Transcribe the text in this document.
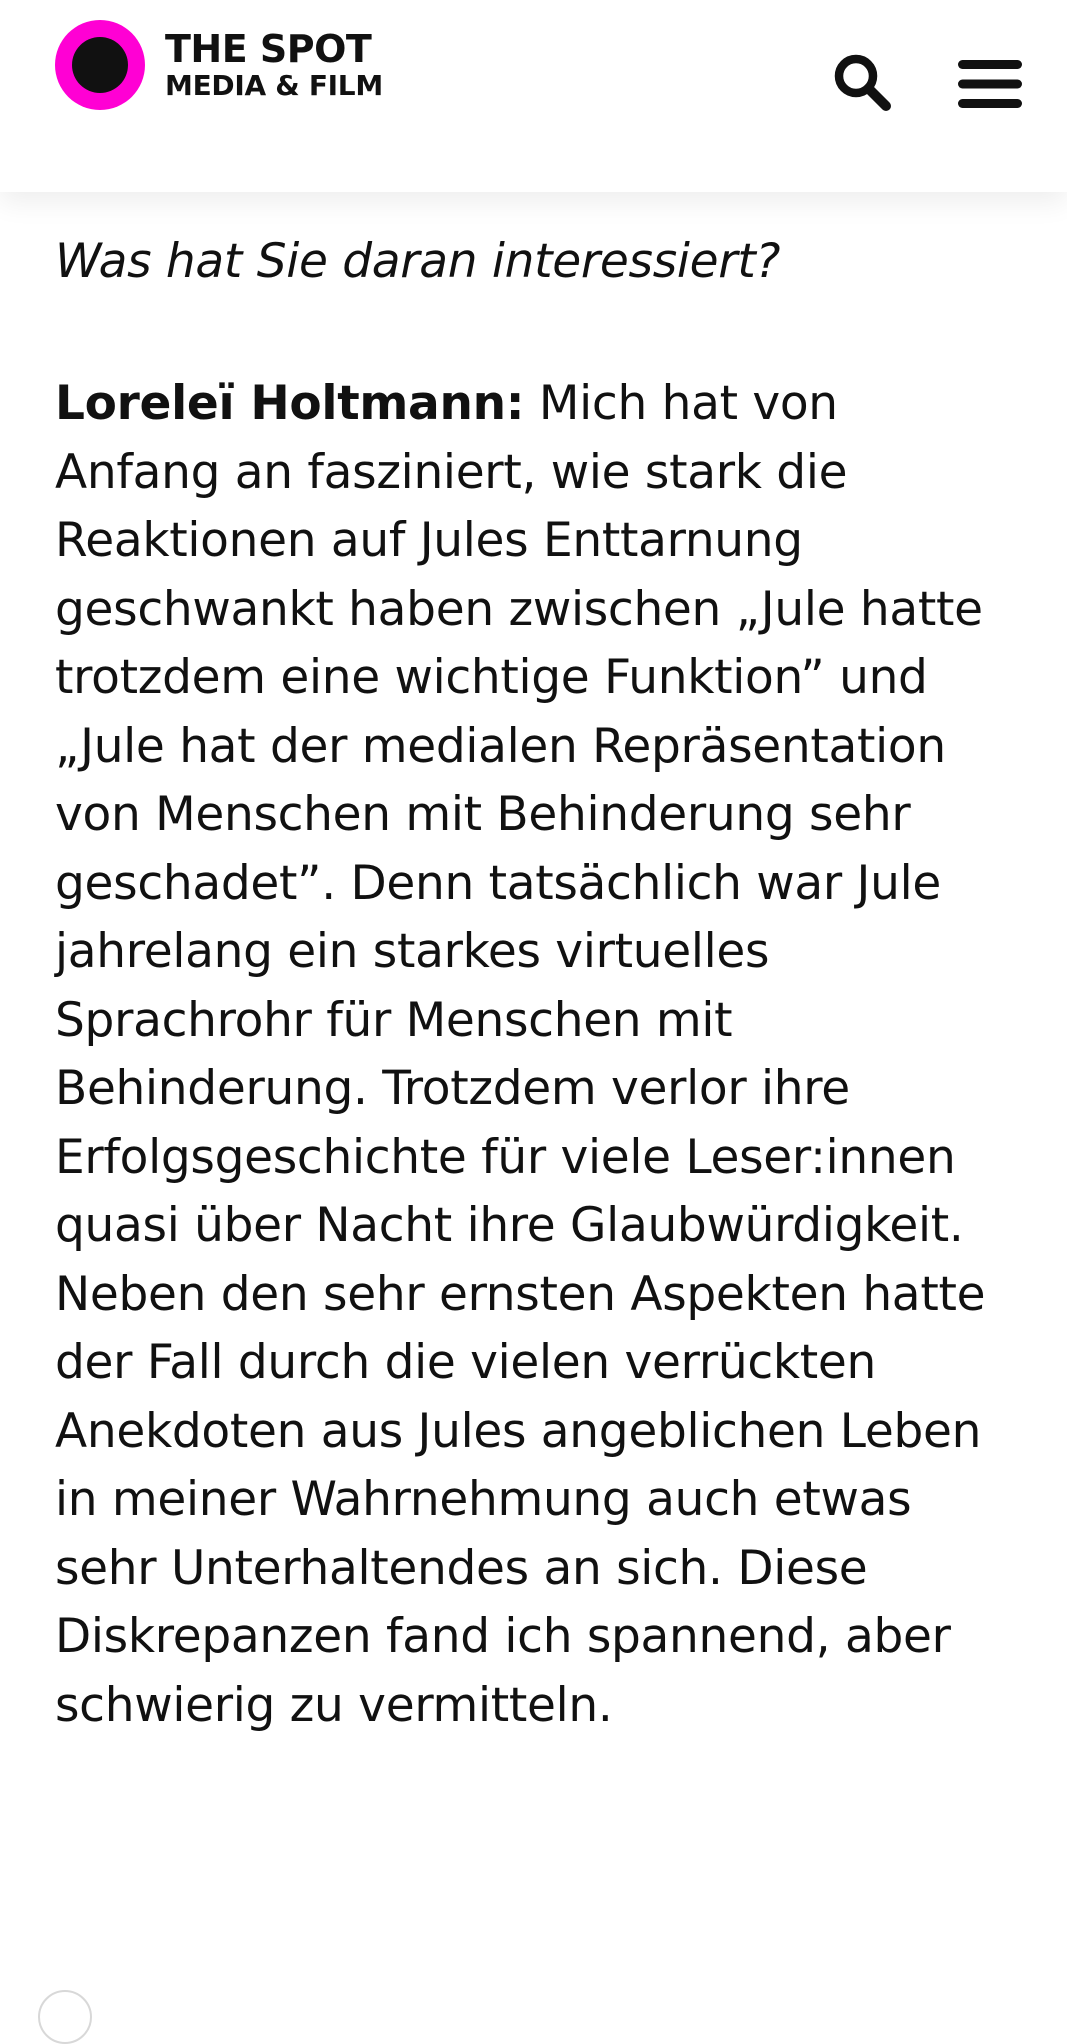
THE SPOT
MEDIA & FILM
Was hat Sie daran interessiert?

Loreleï Holtmann: Mich hat von Anfang an fasziniert, wie stark die Reaktionen auf Jules Enttarnung geschwankt haben zwischen „Jule hatte trotzdem eine wichtige Funktion” und „Jule hat der medialen Repräsentation von Menschen mit Behinderung sehr geschadet”. Denn tatsächlich war Jule jahrelang ein starkes virtuelles Sprachrohr für Menschen mit Behinderung. Trotzdem verlor ihre Erfolgsgeschichte für viele Leser:innen quasi über Nacht ihre Glaubwürdigkeit. Neben den sehr ernsten Aspekten hatte der Fall durch die vielen verrückten Anekdoten aus Jules angeblichen Leben in meiner Wahrnehmung auch etwas sehr Unterhaltendes an sich. Diese Diskrepanzen fand ich spannend, aber schwierig zu vermitteln.
